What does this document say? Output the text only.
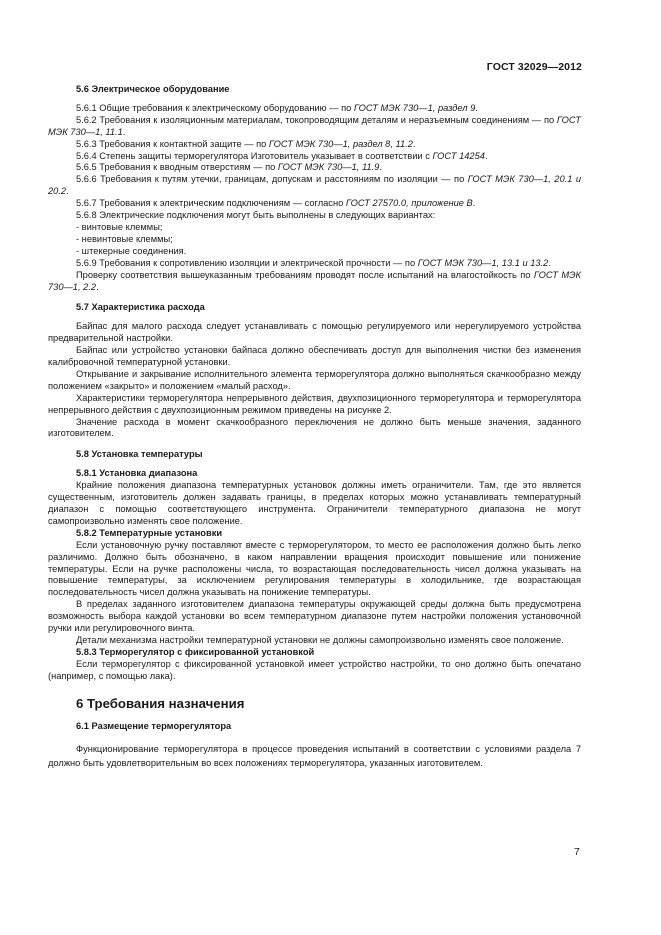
ГОСТ 32029—2012
5.6 Электрическое оборудование
5.6.1 Общие требования к электрическому оборудованию — по ГОСТ МЭК 730—1, раздел 9.
5.6.2 Требования к изоляционным материалам, токопроводящим деталям и неразъемным соединениям — по ГОСТ МЭК 730—1, 11.1.
5.6.3 Требования к контактной защите — по ГОСТ МЭК 730—1, раздел 8, 11.2.
5.6.4 Степень защиты терморегулятора Изготовитель указывает в соответствии с ГОСТ 14254.
5.6.5 Требования к вводным отверстиям — по ГОСТ МЭК 730—1, 11.9.
5.6.6 Требования к путям утечки, границам, допускам и расстояниям по изоляции — по ГОСТ МЭК 730—1, 20.1 и 20.2.
5.6.7 Требования к электрическим подключениям — согласно ГОСТ 27570.0, приложение В.
5.6.8 Электрические подключения могут быть выполнены в следующих вариантах:
- винтовые клеммы;
- невинтовые клеммы;
- штекерные соединения.
5.6.9 Требования к сопротивлению изоляции и электрической прочности — по ГОСТ МЭК 730—1, 13.1 и 13.2.
Проверку соответствия вышеуказанным требованиям проводят после испытаний на влагостойкость по ГОСТ МЭК 730—1, 2.2.
5.7 Характеристика расхода
Байпас для малого расхода следует устанавливать с помощью регулируемого или нерегулируемого устройства предварительной настройки.
Байпас или устройство установки байпаса должно обеспечивать доступ для выполнения чистки без изменения калибровочной температурной установки.
Открывание и закрывание исполнительного элемента терморегулятора должно выполняться скачкообразно между положением «закрыто» и положением «малый расход».
Характеристики терморегулятора непрерывного действия, двухпозиционного терморегулятора и терморегулятора непрерывного действия с двухпозиционным режимом приведены на рисунке 2.
Значение расхода в момент скачкообразного переключения не должно быть меньше значения, заданного изготовителем.
5.8 Установка температуры
5.8.1 Установка диапазона
Крайние положения диапазона температурных установок должны иметь ограничители. Там, где это является существенным, изготовитель должен задавать границы, в пределах которых можно устанавливать температурный диапазон с помощью соответствующего инструмента. Ограничители температурного диапазона не могут самопроизвольно изменять свое положение.
5.8.2 Температурные установки
Если установочную ручку поставляют вместе с терморегулятором, то место ее расположения должно быть легко различимо. Должно быть обозначено, в каком направлении вращения происходит повышение или понижение температуры. Если на ручке расположены числа, то возрастающая последовательность чисел должна указывать на повышение температуры, за исключением регулирования температуры в холодильнике, где возрастающая последовательность чисел должна указывать на понижение температуры.
В пределах заданного изготовителем диапазона температуры окружающей среды должна быть предусмотрена возможность выбора каждой установки во всем температурном диапазоне путем настройки положения установочной ручки или регулировочного винта.
Детали механизма настройки температурной установки не должны самопроизвольно изменять свое положение.
5.8.3 Терморегулятор с фиксированной установкой
Если терморегулятор с фиксированной установкой имеет устройство настройки, то оно должно быть опечатано (например, с помощью лака).
6 Требования назначения
6.1 Размещение терморегулятора
Функционирование терморегулятора в процессе проведения испытаний в соответствии с условиями раздела 7 должно быть удовлетворительным во всех положениях терморегулятора, указанных изготовителем.
7
